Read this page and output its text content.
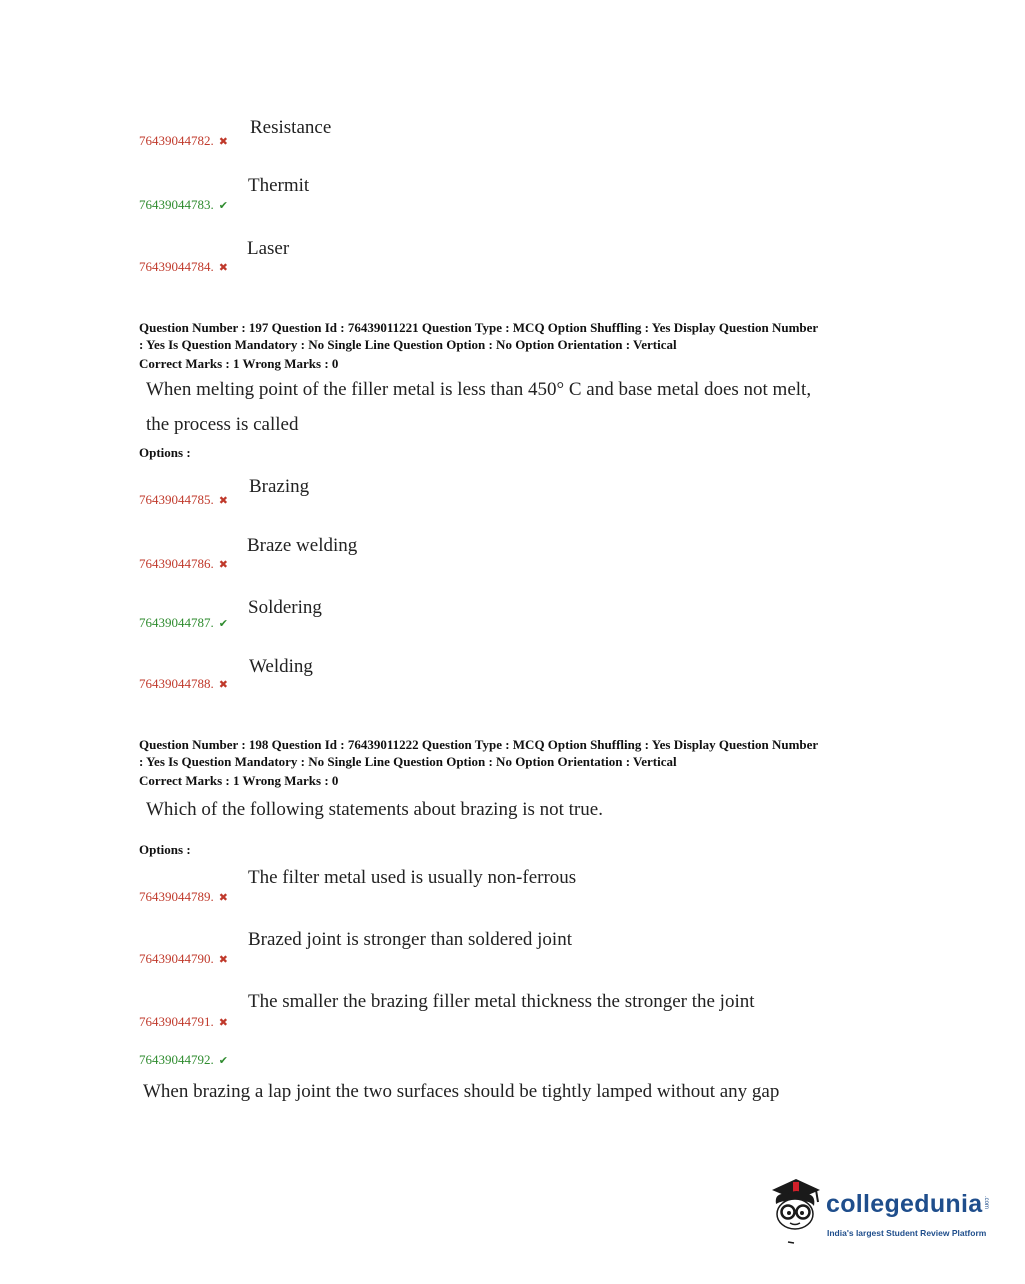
Resistance
76439044782. ✖
Thermit
76439044783. ✔
Laser
76439044784. ✖
Question Number : 197 Question Id : 76439011221 Question Type : MCQ Option Shuffling : Yes Display Question Number
: Yes Is Question Mandatory : No Single Line Question Option : No Option Orientation : Vertical
Correct Marks : 1 Wrong Marks : 0
When melting point of the filler metal is less than 450° C and base metal does not melt,
the process is called
Options :
Brazing
76439044785. ✖
Braze welding
76439044786. ✖
Soldering
76439044787. ✔
Welding
76439044788. ✖
Question Number : 198 Question Id : 76439011222 Question Type : MCQ Option Shuffling : Yes Display Question Number
: Yes Is Question Mandatory : No Single Line Question Option : No Option Orientation : Vertical
Correct Marks : 1 Wrong Marks : 0
Which of the following statements about brazing is not true.
Options :
The filter metal used is usually non-ferrous
76439044789. ✖
Brazed joint is stronger than soldered joint
76439044790. ✖
The smaller the brazing filler metal thickness the stronger the joint
76439044791. ✖
76439044792. ✔
When brazing a lap joint the two surfaces should be tightly lamped without any gap
collegedunia .com
India's largest Student Review Platform
